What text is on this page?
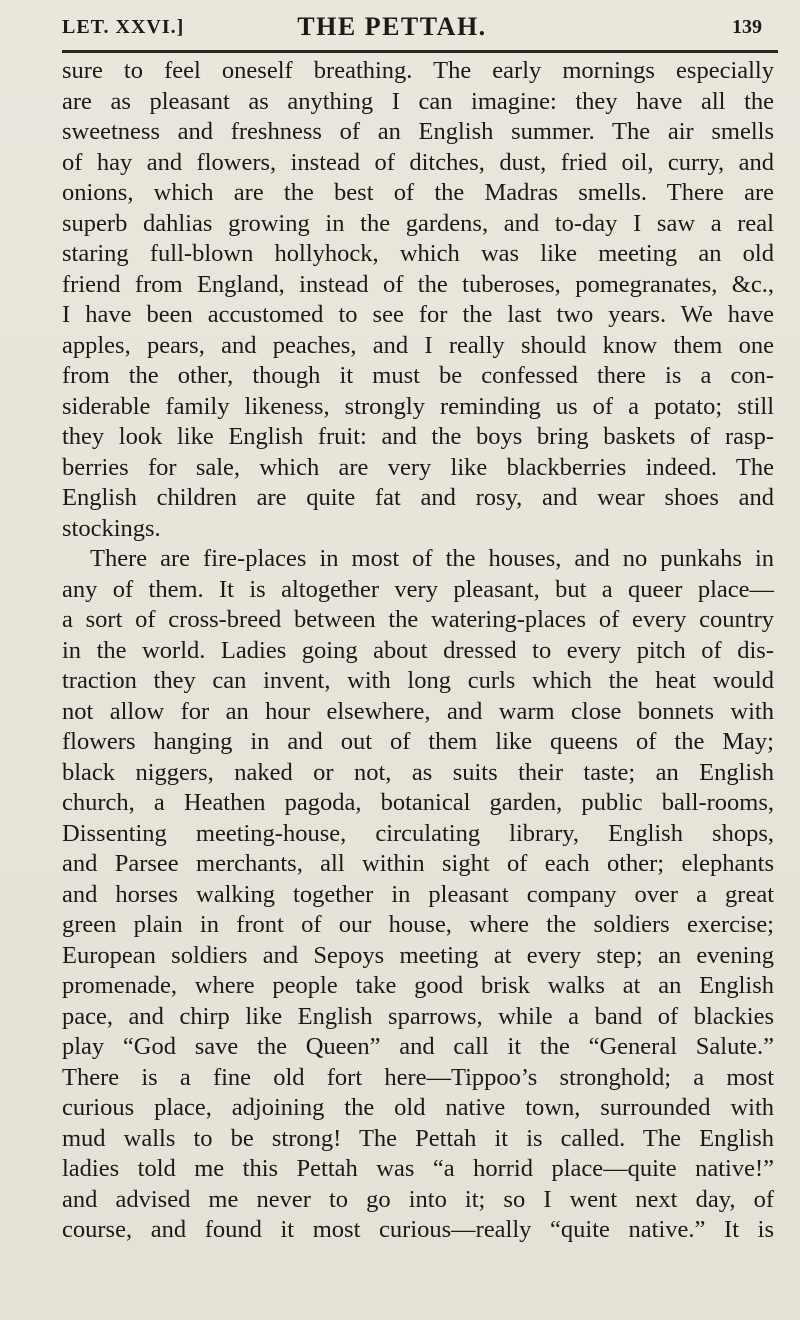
LET. XXVI.]	THE PETTAH.	139
sure to feel oneself breathing. The early mornings especially
are as pleasant as anything I can imagine: they have all the
sweetness and freshness of an English summer. The air smells
of hay and flowers, instead of ditches, dust, fried oil, curry, and
onions, which are the best of the Madras smells. There are
superb dahlias growing in the gardens, and to-day I saw a real
staring full-blown hollyhock, which was like meeting an old
friend from England, instead of the tuberoses, pomegranates, &c.,
I have been accustomed to see for the last two years. We have
apples, pears, and peaches, and I really should know them one
from the other, though it must be confessed there is a con-
siderable family likeness, strongly reminding us of a potato; still
they look like English fruit: and the boys bring baskets of rasp-
berries for sale, which are very like blackberries indeed. The
English children are quite fat and rosy, and wear shoes and
stockings.
There are fire-places in most of the houses, and no punkahs in
any of them. It is altogether very pleasant, but a queer place—
a sort of cross-breed between the watering-places of every country
in the world. Ladies going about dressed to every pitch of dis-
traction they can invent, with long curls which the heat would
not allow for an hour elsewhere, and warm close bonnets with
flowers hanging in and out of them like queens of the May;
black niggers, naked or not, as suits their taste; an English
church, a Heathen pagoda, botanical garden, public ball-rooms,
Dissenting meeting-house, circulating library, English shops,
and Parsee merchants, all within sight of each other; elephants
and horses walking together in pleasant company over a great
green plain in front of our house, where the soldiers exercise;
European soldiers and Sepoys meeting at every step; an evening
promenade, where people take good brisk walks at an English
pace, and chirp like English sparrows, while a band of blackies
play “God save the Queen” and call it the “General Salute.”
There is a fine old fort here—Tippoo’s stronghold; a most
curious place, adjoining the old native town, surrounded with
mud walls to be strong! The Pettah it is called. The English
ladies told me this Pettah was “a horrid place—quite native!”
and advised me never to go into it; so I went next day, of
course, and found it most curious—really “quite native.” It is
